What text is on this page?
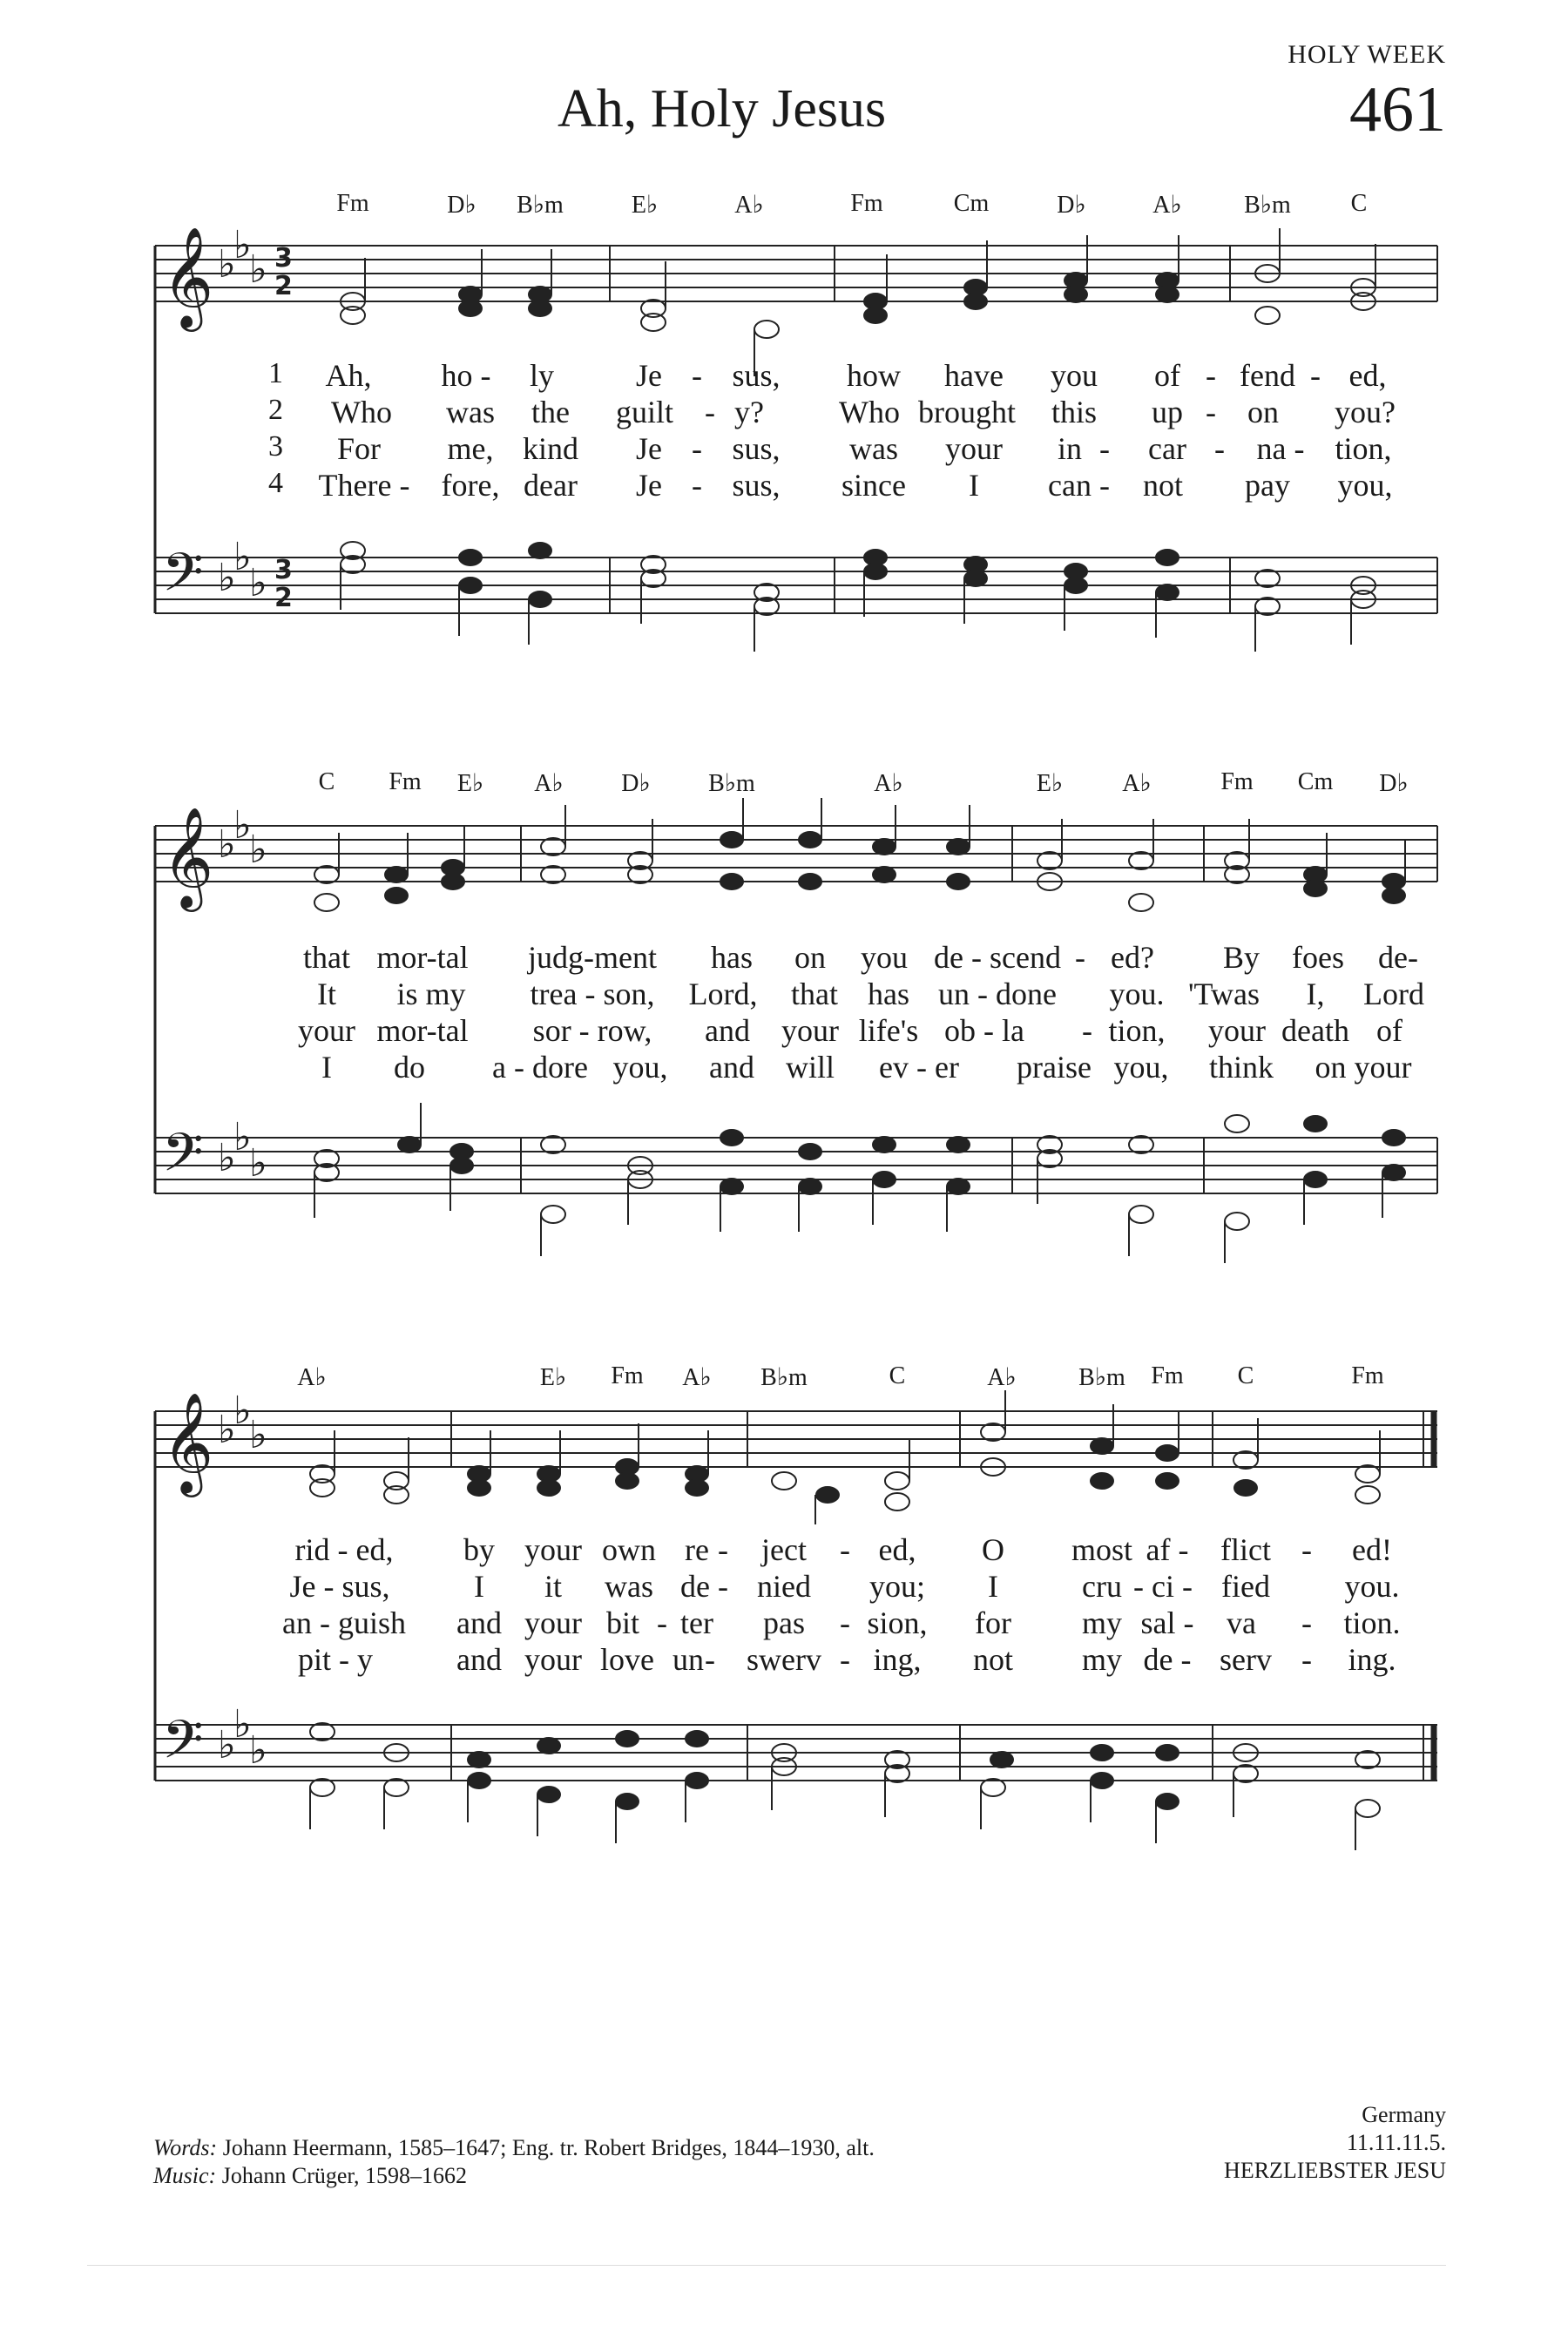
HOLY WEEK
Ah, Holy Jesus	461
𝄞
𝄢
♭
♭
♭
♭
♭
♭
3
2
3
2
Fm	D♭ B♭m	E♭	A♭	Fm	Cm	D♭	A♭	B♭m C
1 Ah, ho - ly	Je - sus, how have you of - fend - ed,
2 Who was the guilt - y? Who brought this up - on you?
3 For me, kind Je - sus, was your in - car - na - tion,
4 There - fore, dear Je - sus, since I can - not pay you,
𝄞
𝄢
♭
♭
♭
♭
♭
♭
C Fm E♭ A♭ D♭ B♭m	A♭	E♭ A♭	Fm Cm D♭
that mor-tal judg-ment has on you de - scend - ed? By foes de-
It is my trea - son, Lord, that has un - done you. 'Twas I, Lord
your mor-tal sor - row, and your life's ob - la - tion, your death of
I do a - dore you, and will ev - er praise you, think on your
𝄞
𝄢
♭
♭
♭
♭
♭
♭
A♭	E♭ Fm A♭ B♭m	C	A♭	B♭m Fm C	Fm
rid - ed, by your own re - ject - ed, O most af - flict - ed!
Je - sus,	I it was de - nied you; I	cru - ci - fied you.
an - guish and your bit - ter pas - sion, for my sal - va - tion.
pit - y	and your love un - swerv - ing, not my de - serv - ing.
Words: Johann Heermann, 1585–1647; Eng. tr. Robert Bridges, 1844–1930, alt.
Music: Johann Crüger, 1598–1662
Germany
11.11.11.5.
HERZLIEBSTER JESU
